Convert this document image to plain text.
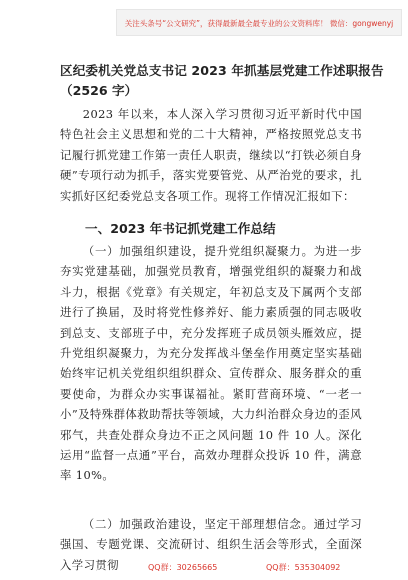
关注头条号“公文研究”，获得最新最全最专业的公文资料库！ 微信：gongwenyj
区纪委机关党总支书记 2023 年抓基层党建工作述职报告
（2526 字）
2023 年以来，本人深入学习贯彻习近平新时代中国特色社会主义思想和党的二十大精神，严格按照党总支书记履行抓党建工作第一责任人职责，继续以“打铁必须自身硬”专项行动为抓手，落实党要管党、从严治党的要求，扎实抓好区纪委党总支各项工作。现将工作情况汇报如下：
一、2023 年书记抓党建工作总结
（一）加强组织建设，提升党组织凝聚力。为进一步夯实党建基础，加强党员教育，增强党组织的凝聚力和战斗力，根据《党章》有关规定，年初总支及下属两个支部进行了换届，及时将党性修养好、能力素质强的同志吸收到总支、支部班子中，充分发挥班子成员领头雁效应，提升党组织凝聚力，为充分发挥战斗堡垒作用奠定坚实基础始终牢记机关党组织组织群众、宣传群众、服务群众的重要使命，为群众办实事谋福祉。紧盯营商环境、“一老一小”及特殊群体救助帮扶等领域，大力纠治群众身边的歪风邪气，共查处群众身边不正之风问题 10 件 10 人。深化运用“监督一点通”平台，高效办理群众投诉 10 件，满意率 10%。
（二）加强政治建设，坚定干部理想信念。通过学习强国、专题党课、交流研讨、组织生活会等形式，全面深入学习贯彻	QQ群：30265665	QQ群：535304092
